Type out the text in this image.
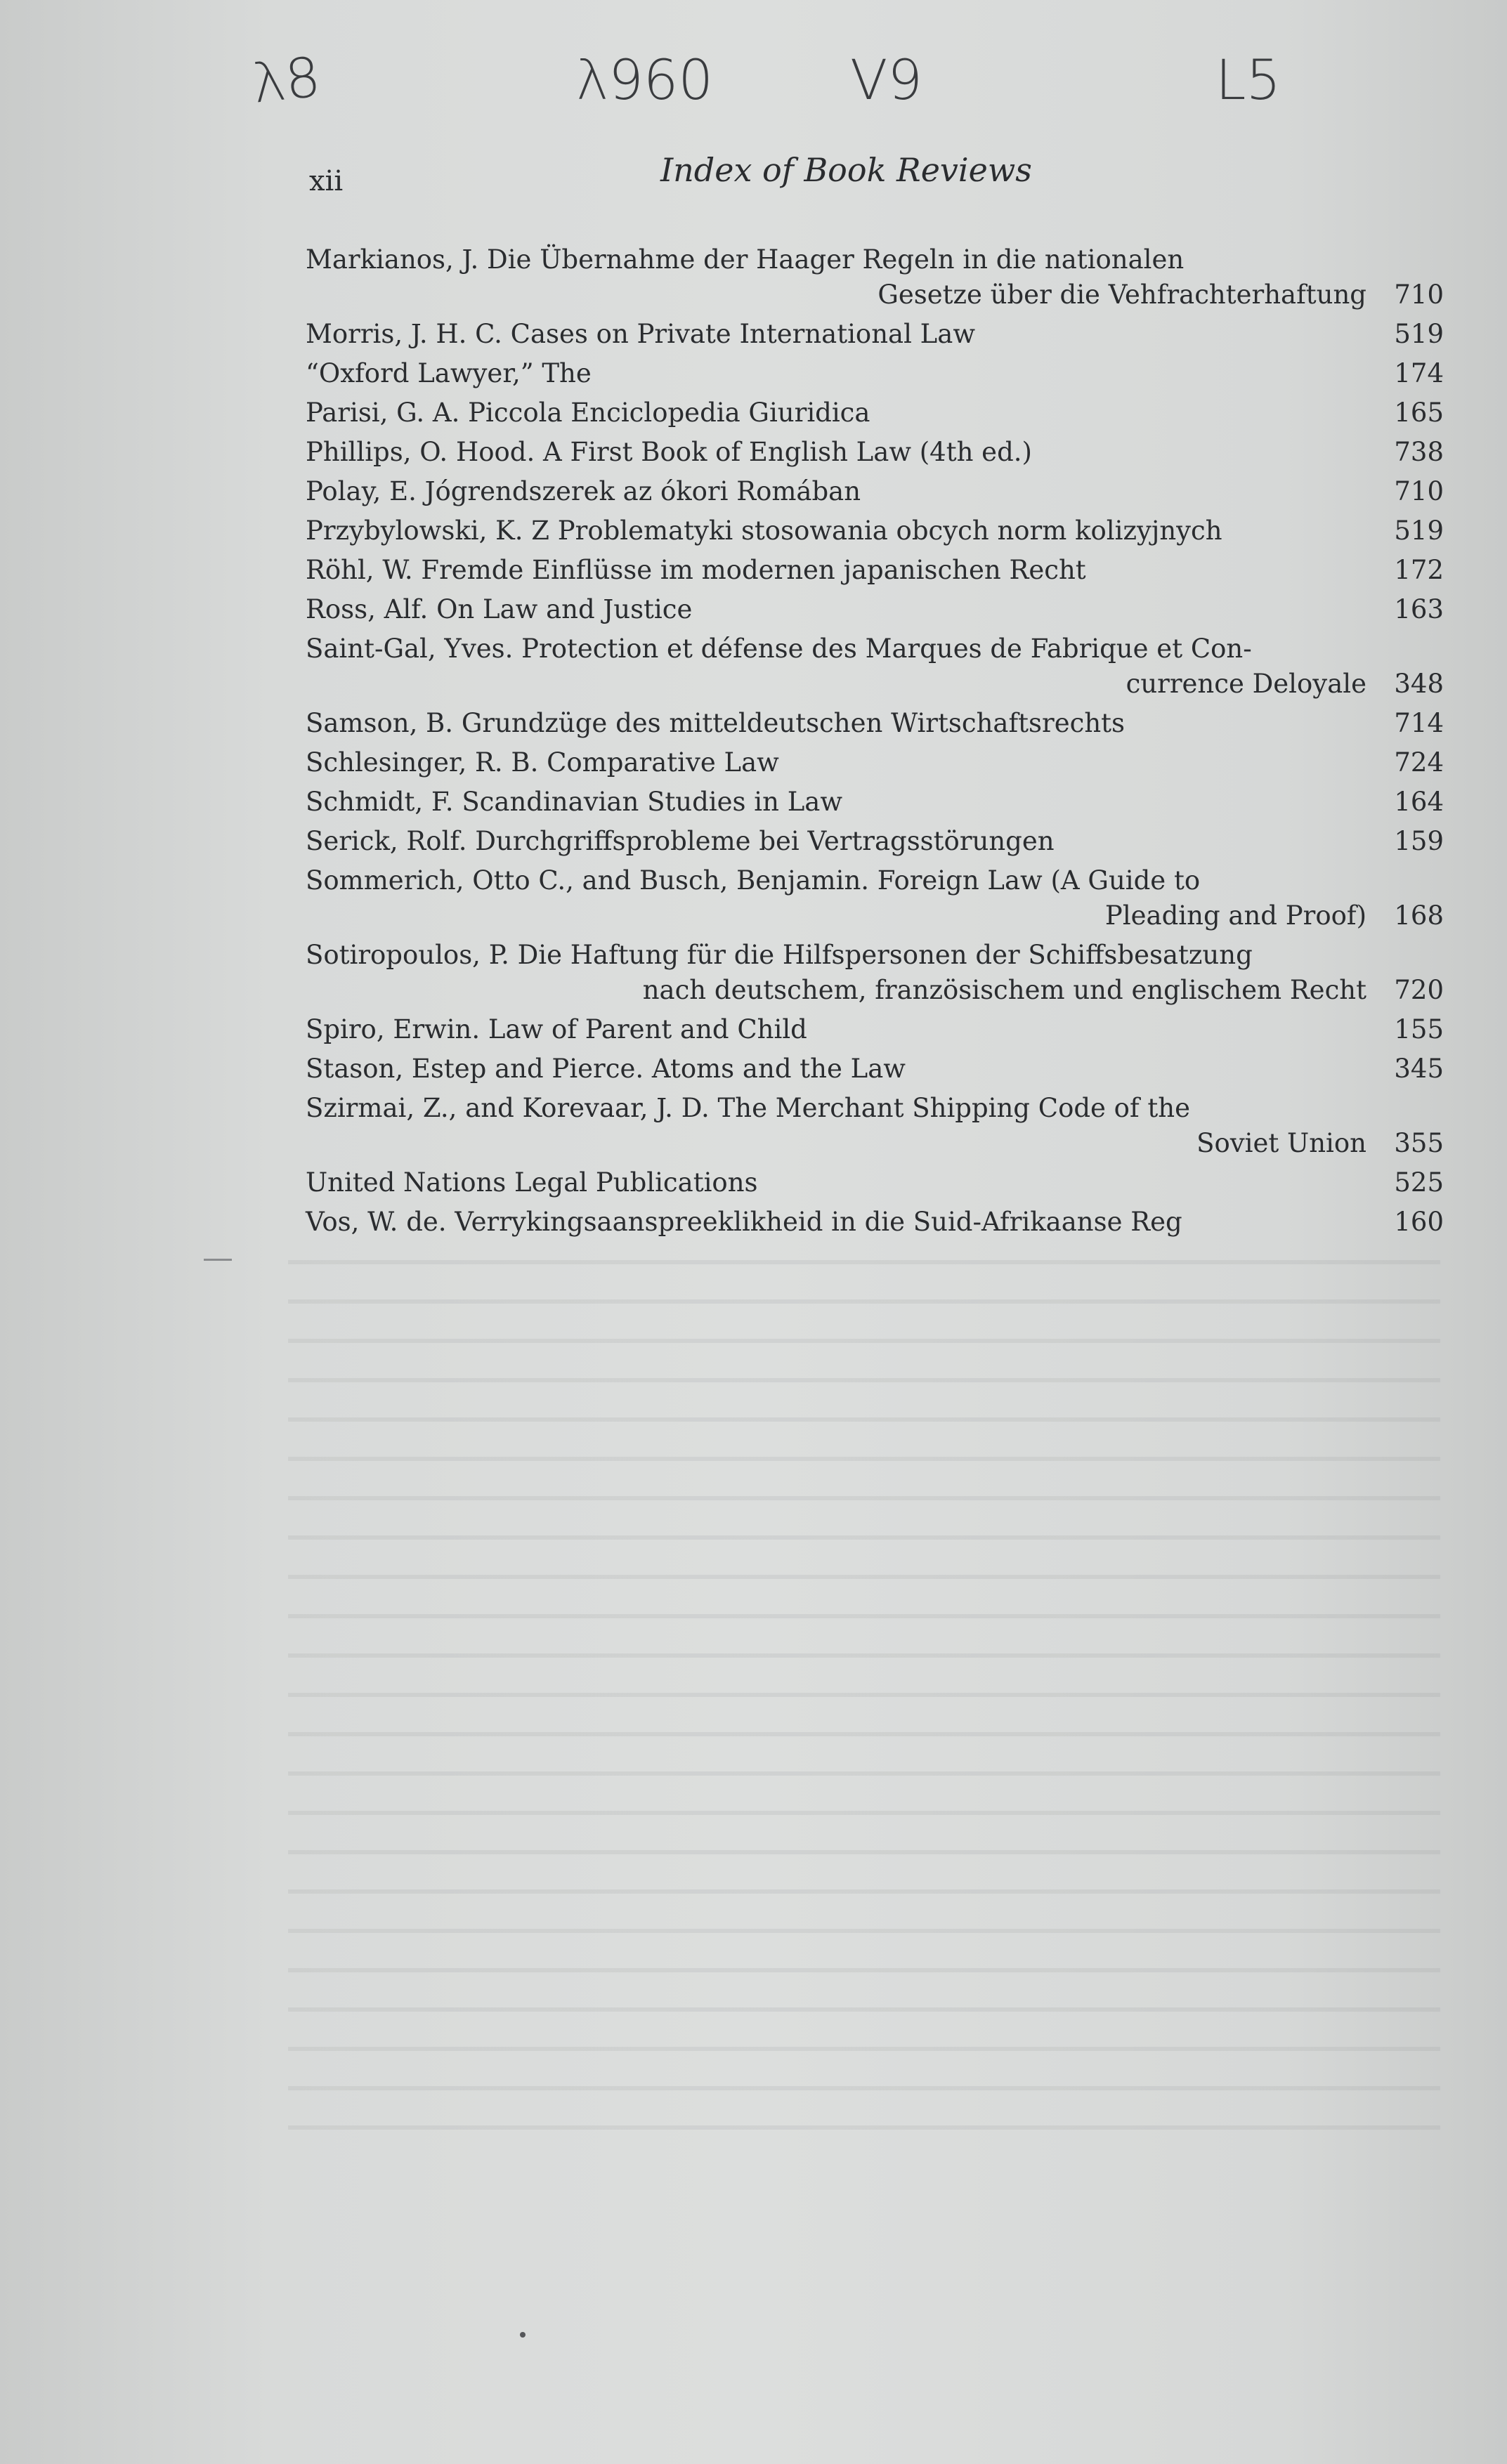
λ8	λ960 V9	L5
xii	Index of Book Reviews
Markianos, J. Die Übernahme der Haager Regeln in die nationalen
Gesetze über die Vehfrachterhaftung	710
Morris, J. H. C. Cases on Private International Law	519
“Oxford Lawyer,” The	174
Parisi, G. A. Piccola Enciclopedia Giuridica	165
Phillips, O. Hood. A First Book of English Law (4th ed.)	738
Polay, E. Jógrendszerek az ókori Romában	710
Przybylowski, K. Z Problematyki stosowania obcych norm kolizyjnych	519
Röhl, W. Fremde Einflüsse im modernen japanischen Recht	172
Ross, Alf. On Law and Justice	163
Saint-Gal, Yves. Protection et défense des Marques de Fabrique et Con-
currence Deloyale	348
Samson, B. Grundzüge des mitteldeutschen Wirtschaftsrechts	714
Schlesinger, R. B. Comparative Law	724
Schmidt, F. Scandinavian Studies in Law	164
Serick, Rolf. Durchgriffsprobleme bei Vertragsstörungen	159
Sommerich, Otto C., and Busch, Benjamin. Foreign Law (A Guide to
Pleading and Proof)	168
Sotiropoulos, P. Die Haftung für die Hilfspersonen der Schiffsbesatzung
nach deutschem, französischem und englischem Recht	720
Spiro, Erwin. Law of Parent and Child	155
Stason, Estep and Pierce. Atoms and the Law	345
Szirmai, Z., and Korevaar, J. D. The Merchant Shipping Code of the
Soviet Union	355
United Nations Legal Publications	525
Vos, W. de. Verrykingsaanspreeklikheid in die Suid-Afrikaanse Reg	160
